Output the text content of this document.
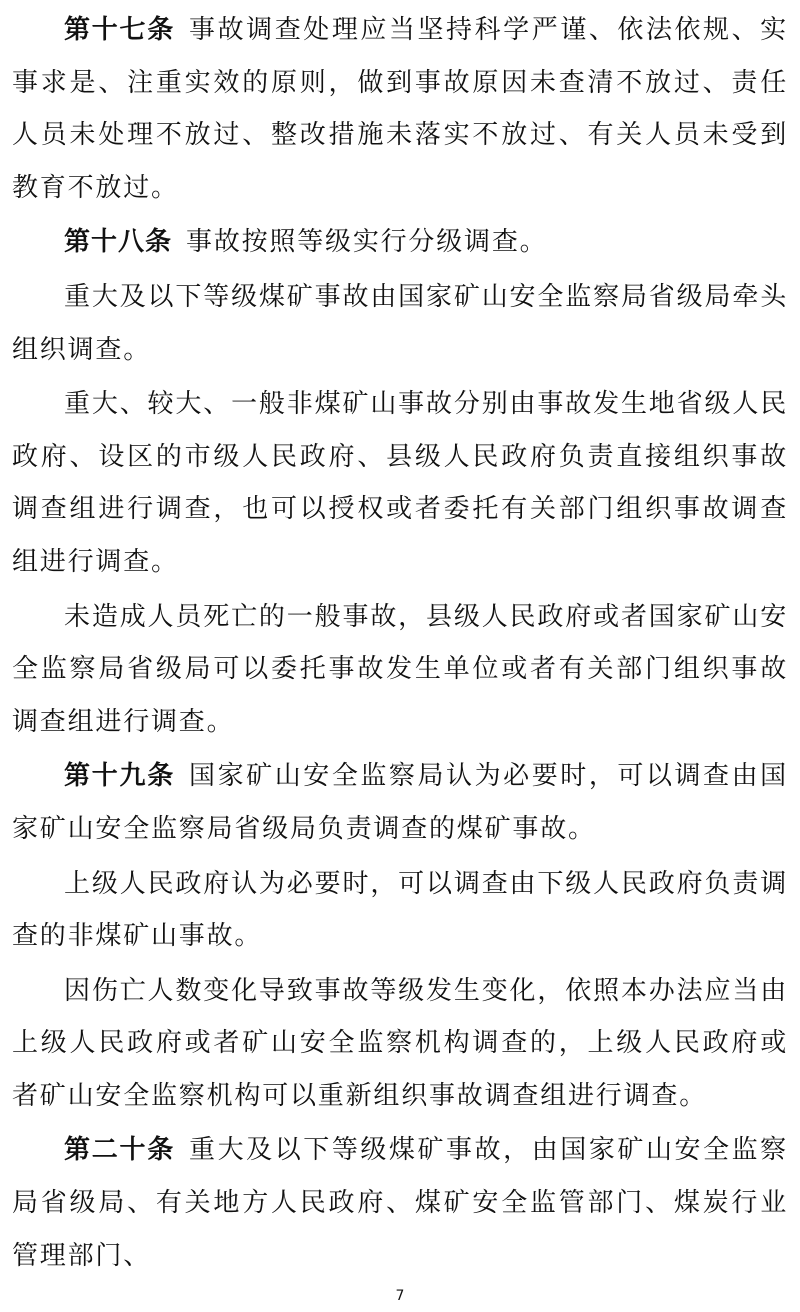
第十七条 事故调查处理应当坚持科学严谨、依法依规、实事求是、注重实效的原则，做到事故原因未查清不放过、责任人员未处理不放过、整改措施未落实不放过、有关人员未受到教育不放过。

第十八条 事故按照等级实行分级调查。

重大及以下等级煤矿事故由国家矿山安全监察局省级局牵头组织调查。

重大、较大、一般非煤矿山事故分别由事故发生地省级人民政府、设区的市级人民政府、县级人民政府负责直接组织事故调查组进行调查，也可以授权或者委托有关部门组织事故调查组进行调查。

未造成人员死亡的一般事故，县级人民政府或者国家矿山安全监察局省级局可以委托事故发生单位或者有关部门组织事故调查组进行调查。

第十九条 国家矿山安全监察局认为必要时，可以调查由国家矿山安全监察局省级局负责调查的煤矿事故。

上级人民政府认为必要时，可以调查由下级人民政府负责调查的非煤矿山事故。

因伤亡人数变化导致事故等级发生变化，依照本办法应当由上级人民政府或者矿山安全监察机构调查的，上级人民政府或者矿山安全监察机构可以重新组织事故调查组进行调查。

第二十条 重大及以下等级煤矿事故，由国家矿山安全监察局省级局、有关地方人民政府、煤矿安全监管部门、煤炭行业管理部门、

7
